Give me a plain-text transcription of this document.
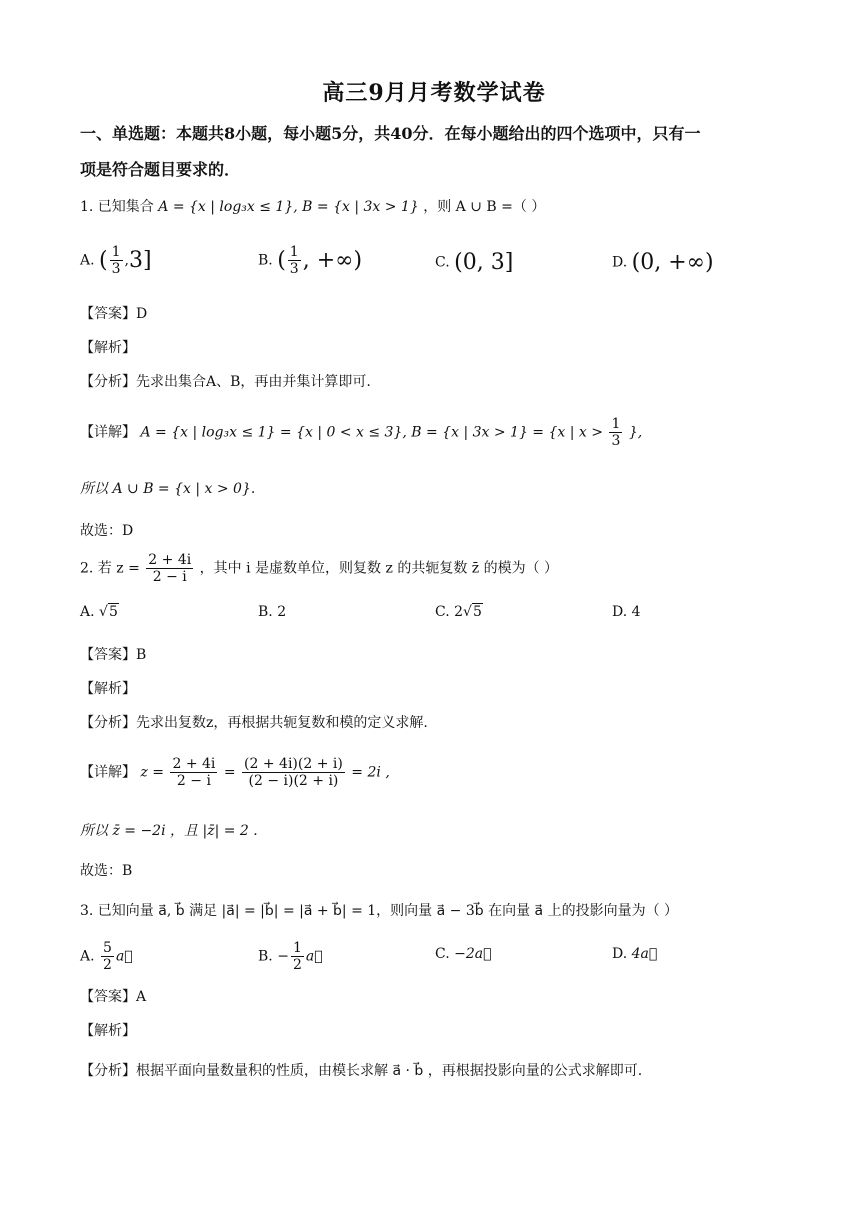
高三9月月考数学试卷
一、单选题：本题共8小题，每小题5分，共40分．在每小题给出的四个选项中，只有一
项是符合题目要求的．
1. 已知集合 A = {x | log₃x ≤ 1}, B = {x | 3x > 1} ，则 A ∪ B =（ ）
A. ( $\frac{1}{3} ,3$]	B. ( $\frac{1}{3}$ , +∞)	C. (0, 3]	D. (0, +∞)
【答案】D
【解析】
【分析】先求出集合A、B，再由并集计算即可.
【详解】 A = {x | log₃x ≤ 1} = {x | 0 < x ≤ 3}, B = {x | 3x > 1} = {x | $x > \frac{1}{3}$ },
所以 A ∪ B = {x | x > 0}.
故选：D
2. 若 $z = \frac{2 + 4i}{2 - i}$ ，其中 i 是虚数单位，则复数 z 的共轭复数 z̄ 的模为（ ）
A. √5	B. 2	C. 2√5	D. 4
【答案】B
【解析】
【分析】先求出复数z，再根据共轭复数和模的定义求解.
【详解】 $z = \frac{2 + 4i}{2 - i} = \frac{(2 + 4i)(2 + i)}{(2 - i)(2 + i)} = 2i$ ,
所以 z̄ = −2i ，且 |z̄| = 2 .
故选：B
3. 已知向量 a⃗, b⃗ 满足 |a⃗| = |b⃗| = |a⃗ + b⃗| = 1，则向量 a⃗ − 3b⃗ 在向量 a⃗ 上的投影向量为（ ）
A. $\frac{5}{2}$ a⃗	B. − $\frac{1}{2}$ a⃗	C. −2a⃗	D. 4a⃗
【答案】A
【解析】
【分析】根据平面向量数量积的性质，由模长求解 a⃗ · b⃗ ，再根据投影向量的公式求解即可.
